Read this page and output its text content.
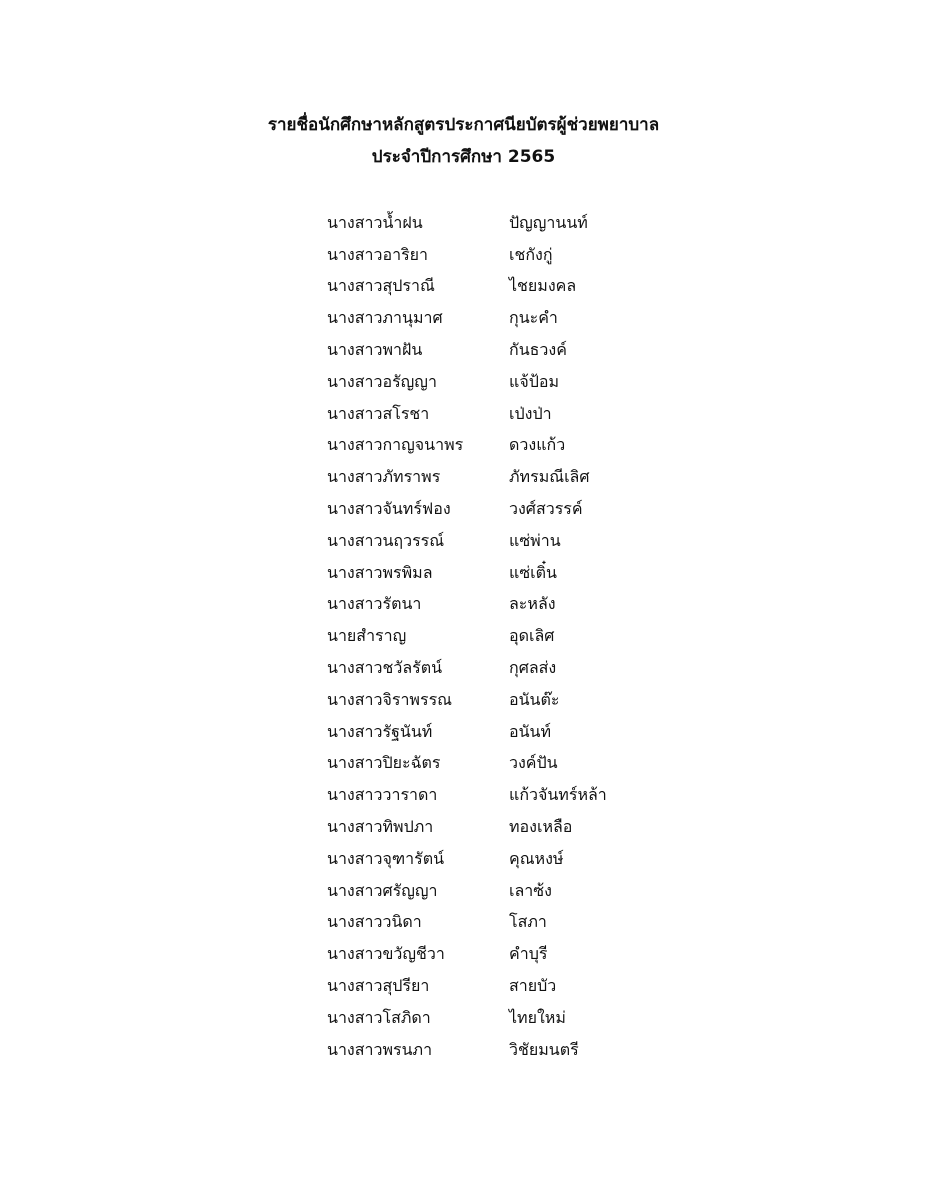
รายชื่อนักศึกษาหลักสูตรประกาศนียบัตรผู้ช่วยพยาบาล
ประจำปีการศึกษา 2565
นางสาวน้ำฝน	ปัญญานนท์
นางสาวอาริยา	เชกังกู่
นางสาวสุปราณี	ไชยมงคล
นางสาวภานุมาศ	กุนะคำ
นางสาวพาฝัน	กันธวงค์
นางสาวอรัญญา	แจ้ป้อม
นางสาวสโรชา	เป่งป่า
นางสาวกาญจนาพร	ดวงแก้ว
นางสาวภัทราพร	ภัทรมณีเลิศ
นางสาวจันทร์ฟอง	วงศ์สวรรค์
นางสาวนฤวรรณ์	แซ่พ่าน
นางสาวพรพิมล	แซ่เติ๋น
นางสาวรัตนา	ละหลัง
นายสำราญ	อุดเลิศ
นางสาวชวัลรัตน์	กุศลส่ง
นางสาวจิราพรรณ	อนันต๊ะ
นางสาวรัฐนันท์	อนันท์
นางสาวปิยะฉัตร	วงค์ปัน
นางสาววาราดา	แก้วจันทร์หล้า
นางสาวทิพปภา	ทองเหลือ
นางสาวจุฑารัตน์	คุณหงษ์
นางสาวศรัญญา	เลาซ้ง
นางสาววนิดา	โสภา
นางสาวขวัญชีวา	คำบุรี
นางสาวสุปรียา	สายบัว
นางสาวโสภิดา	ไทยใหม่
นางสาวพรนภา	วิชัยมนตรี
